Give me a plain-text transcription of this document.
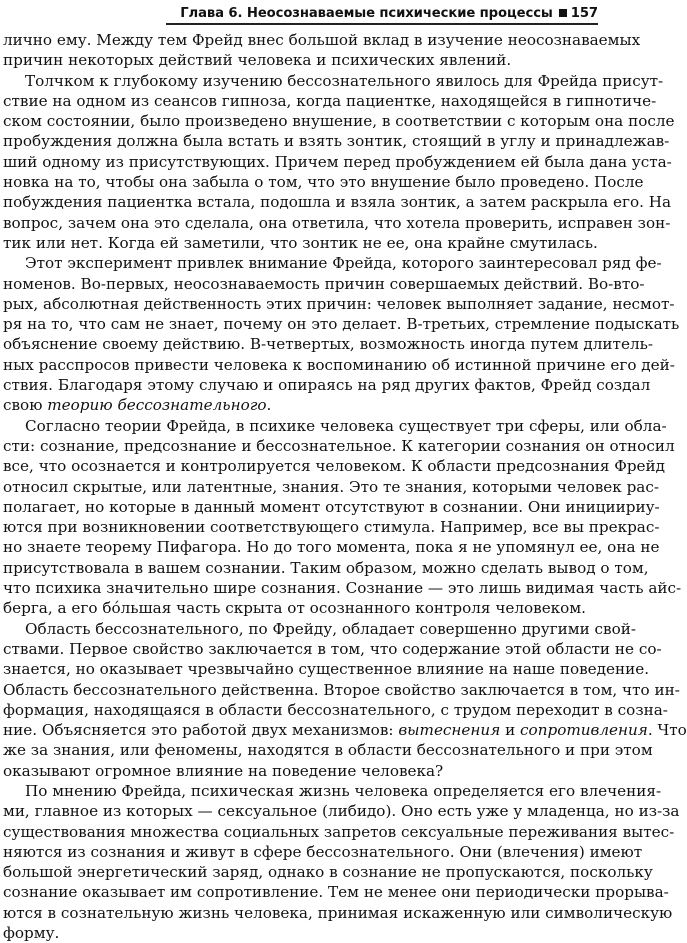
Глава 6. Неосознаваемые психические процессы 157
лично ему. Между тем Фрейд внес большой вклад в изучение неосознаваемых
причин некоторых действий человека и психических явлений.
Толчком к глубокому изучению бессознательного явилось для Фрейда присут-
ствие на одном из сеансов гипноза, когда пациентке, находящейся в гипнотиче-
ском состоянии, было произведено внушение, в соответствии с которым она после
пробуждения должна была встать и взять зонтик, стоящий в углу и принадлежав-
ший одному из присутствующих. Причем перед пробуждением ей была дана уста-
новка на то, чтобы она забыла о том, что это внушение было проведено. После
побуждения пациентка встала, подошла и взяла зонтик, а затем раскрыла его. На
вопрос, зачем она это сделала, она ответила, что хотела проверить, исправен зон-
тик или нет. Когда ей заметили, что зонтик не ее, она крайне смутилась.
Этот эксперимент привлек внимание Фрейда, которого заинтересовал ряд фе-
номенов. Во-первых, неосознаваемость причин совершаемых действий. Во-вто-
рых, абсолютная действенность этих причин: человек выполняет задание, несмот-
ря на то, что сам не знает, почему он это делает. В-третьих, стремление подыскать
объяснение своему действию. В-четвертых, возможность иногда путем длитель-
ных расспросов привести человека к воспоминанию об истинной причине его дей-
ствия. Благодаря этому случаю и опираясь на ряд других фактов, Фрейд создал
свою теорию бессознательного.
Согласно теории Фрейда, в психике человека существует три сферы, или обла-
сти: сознание, предсознание и бессознательное. К категории сознания он относил
все, что осознается и контролируется человеком. К области предсознания Фрейд
относил скрытые, или латентные, знания. Это те знания, которыми человек рас-
полагает, но которые в данный момент отсутствуют в сознании. Они инициириу-
ются при возникновении соответствующего стимула. Например, все вы прекрас-
но знаете теорему Пифагора. Но до того момента, пока я не упомянул ее, она не
присутствовала в вашем сознании. Таким образом, можно сделать вывод о том,
что психика значительно шире сознания. Сознание — это лишь видимая часть айс-
берга, а его бóльшая часть скрыта от осознанного контроля человеком.
Область бессознательного, по Фрейду, обладает совершенно другими свой-
ствами. Первое свойство заключается в том, что содержание этой области не со-
знается, но оказывает чрезвычайно существенное влияние на наше поведение.
Область бессознательного действенна. Второе свойство заключается в том, что ин-
формация, находящаяся в области бессознательного, с трудом переходит в созна-
ние. Объясняется это работой двух механизмов: вытеснения и сопротивления. Что
же за знания, или феномены, находятся в области бессознательного и при этом
оказывают огромное влияние на поведение человека?
По мнению Фрейда, психическая жизнь человека определяется его влечения-
ми, главное из которых — сексуальное (либидо). Оно есть уже у младенца, но из-за
существования множества социальных запретов сексуальные переживания вытес-
няются из сознания и живут в сфере бессознательного. Они (влечения) имеют
большой энергетический заряд, однако в сознание не пропускаются, поскольку
сознание оказывает им сопротивление. Тем не менее они периодически прорыва-
ются в сознательную жизнь человека, принимая искаженную или символическую
форму.
